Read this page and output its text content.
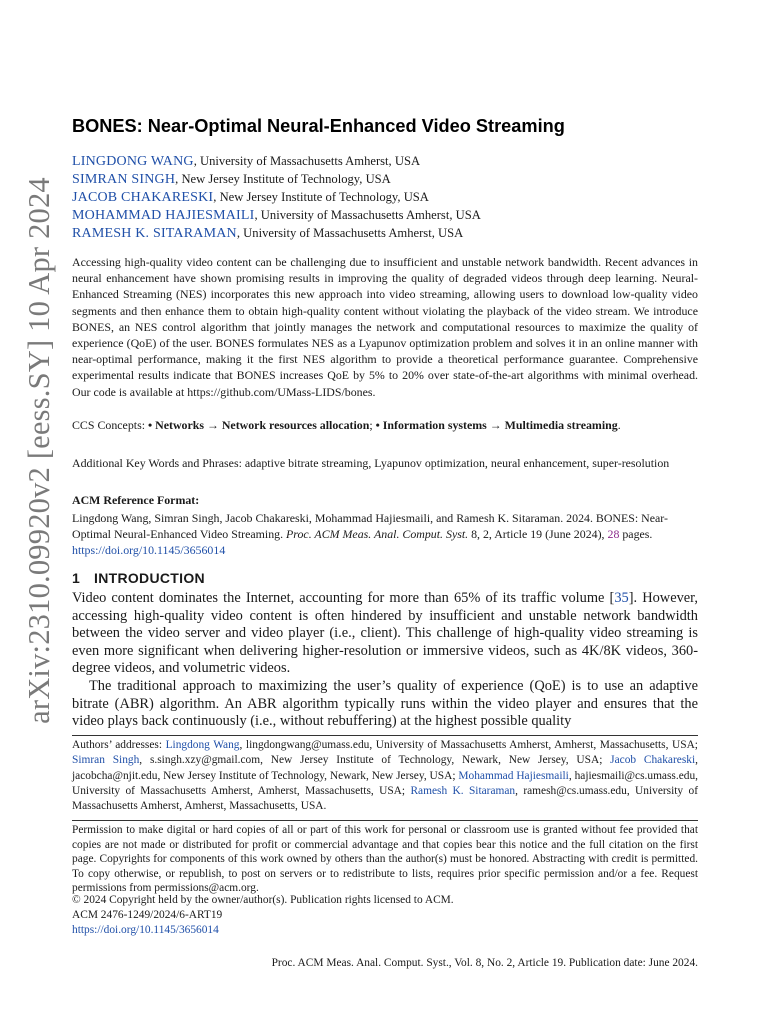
arXiv:2310.09920v2 [eess.SY] 10 Apr 2024
BONES: Near-Optimal Neural-Enhanced Video Streaming
LINGDONG WANG, University of Massachusetts Amherst, USA
SIMRAN SINGH, New Jersey Institute of Technology, USA
JACOB CHAKARESKI, New Jersey Institute of Technology, USA
MOHAMMAD HAJIESMAILI, University of Massachusetts Amherst, USA
RAMESH K. SITARAMAN, University of Massachusetts Amherst, USA

Accessing high-quality video content can be challenging due to insufficient and unstable network bandwidth. Recent advances in neural enhancement have shown promising results in improving the quality of degraded videos through deep learning. Neural-Enhanced Streaming (NES) incorporates this new approach into video streaming, allowing users to download low-quality video segments and then enhance them to obtain high-quality content without violating the playback of the video stream. We introduce BONES, an NES control algorithm that jointly manages the network and computational resources to maximize the quality of experience (QoE) of the user. BONES formulates NES as a Lyapunov optimization problem and solves it in an online manner with near-optimal performance, making it the first NES algorithm to provide a theoretical performance guarantee. Comprehensive experimental results indicate that BONES increases QoE by 5% to 20% over state-of-the-art algorithms with minimal overhead. Our code is available at https://github.com/UMass-LIDS/bones.

CCS Concepts: • Networks → Network resources allocation; • Information systems → Multimedia streaming.

Additional Key Words and Phrases: adaptive bitrate streaming, Lyapunov optimization, neural enhancement, super-resolution

ACM Reference Format:

Lingdong Wang, Simran Singh, Jacob Chakareski, Mohammad Hajiesmaili, and Ramesh K. Sitaraman. 2024. BONES: Near-Optimal Neural-Enhanced Video Streaming. Proc. ACM Meas. Anal. Comput. Syst. 8, 2, Article 19 (June 2024), 28 pages. https://doi.org/10.1145/3656014

1 INTRODUCTION

Video content dominates the Internet, accounting for more than 65% of its traffic volume [35]. However, accessing high-quality video content is often hindered by insufficient and unstable network bandwidth between the video server and video player (i.e., client). This challenge of high-quality video streaming is even more significant when delivering higher-resolution or immersive videos, such as 4K/8K videos, 360-degree videos, and volumetric videos.

The traditional approach to maximizing the user’s quality of experience (QoE) is to use an adaptive bitrate (ABR) algorithm. An ABR algorithm typically runs within the video player and ensures that the video plays back continuously (i.e., without rebuffering) at the highest possible quality

Authors’ addresses: Lingdong Wang, lingdongwang@umass.edu, University of Massachusetts Amherst, Amherst, Massachusetts, USA; Simran Singh, s.singh.xzy@gmail.com, New Jersey Institute of Technology, Newark, New Jersey, USA; Jacob Chakareski, jacobcha@njit.edu, New Jersey Institute of Technology, Newark, New Jersey, USA; Mohammad Hajiesmaili, hajiesmaili@cs.umass.edu, University of Massachusetts Amherst, Amherst, Massachusetts, USA; Ramesh K. Sitaraman, ramesh@cs.umass.edu, University of Massachusetts Amherst, Amherst, Massachusetts, USA.

Permission to make digital or hard copies of all or part of this work for personal or classroom use is granted without fee provided that copies are not made or distributed for profit or commercial advantage and that copies bear this notice and the full citation on the first page. Copyrights for components of this work owned by others than the author(s) must be honored. Abstracting with credit is permitted. To copy otherwise, or republish, to post on servers or to redistribute to lists, requires prior specific permission and/or a fee. Request permissions from permissions@acm.org.

© 2024 Copyright held by the owner/author(s). Publication rights licensed to ACM.
ACM 2476-1249/2024/6-ART19
https://doi.org/10.1145/3656014
Proc. ACM Meas. Anal. Comput. Syst., Vol. 8, No. 2, Article 19. Publication date: June 2024.
